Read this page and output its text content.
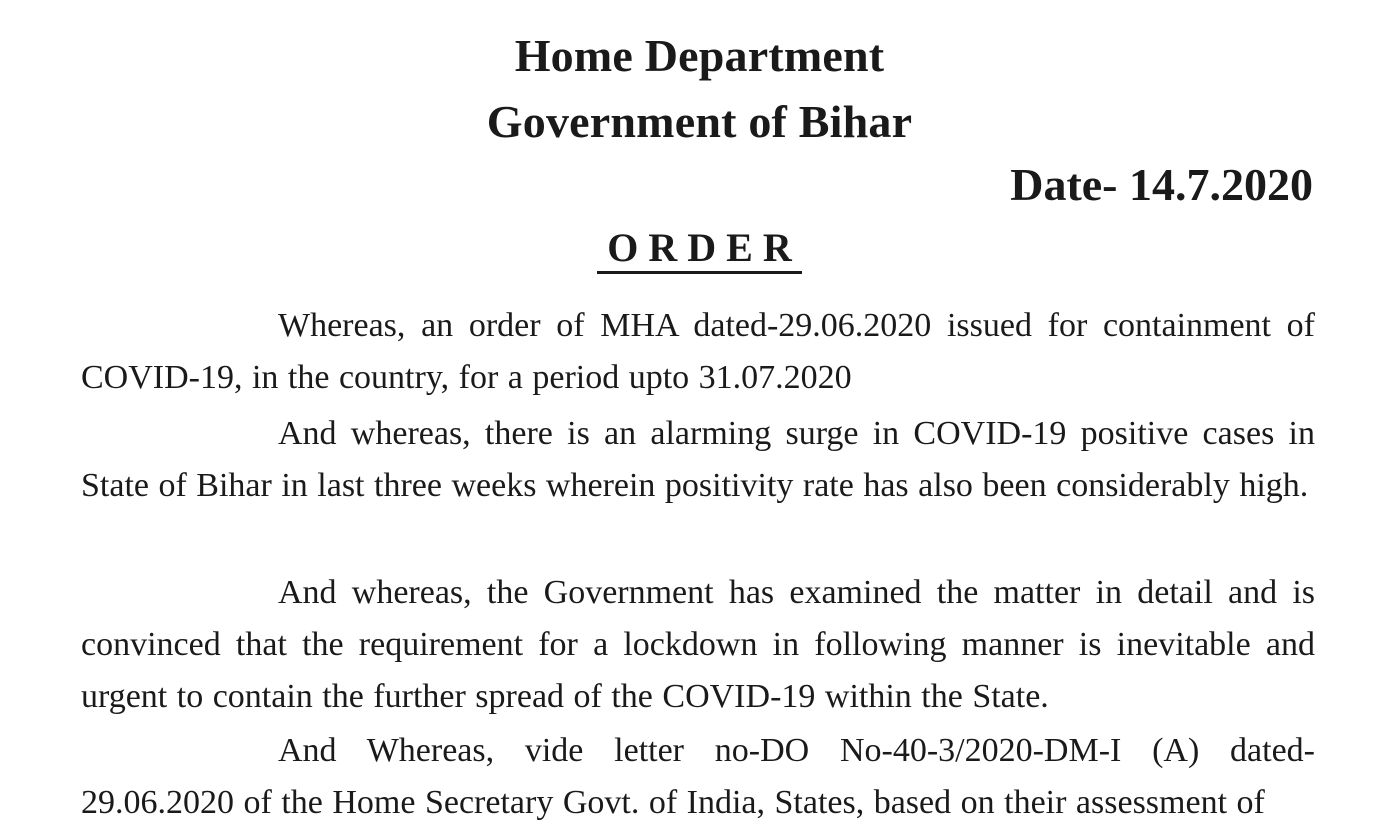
Home Department
Government of Bihar
Date- 14.7.2020
ORDER

Whereas, an order of MHA dated-29.06.2020 issued for containment of COVID-19, in the country, for a period upto 31.07.2020

And whereas, there is an alarming surge in COVID-19 positive cases in State of Bihar in last three weeks wherein positivity rate has also been considerably high.

And whereas, the Government has examined the matter in detail and is convinced that the requirement for a lockdown in following manner is inevitable and urgent to contain the further spread of the COVID-19 within the State.

And Whereas, vide letter no-DO No-40-3/2020-DM-I (A) dated-29.06.2020 of the Home Secretary Govt. of India, States, based on their assessment of
